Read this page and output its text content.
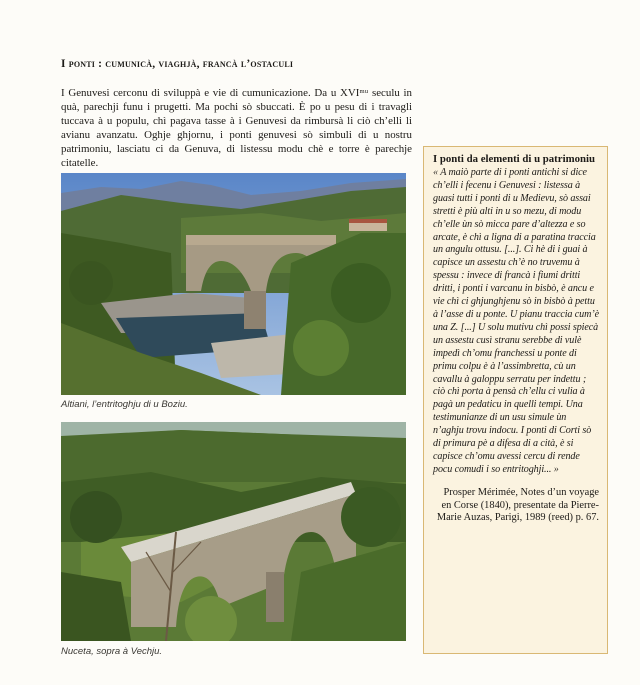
I ponti : cumunicà, viaghjà, francà l’ostaculi

I Genuvesi cerconu di sviluppà e vie di cumunicazione. Da u XVIᵐᵘ seculu in quà, parechji funu i prugetti. Ma pochi sò sbuccati. È po u pesu di i travagli tuccava à u populu, chì pagava tasse à i Genuvesi da rimbursà li ciò ch’elli li avianu avanzatu. Oghje ghjornu, i ponti genuvesi sò simbuli di u nostru patrimoniu, lasciatu ci da Genuva, di listessu modu chè e torre è parechje citatelle.

Altiani, l’entritoghju di u Boziu.
Nuceta, sopra à Vechju.
I ponti da elementi di u patrimoniu

« A maiò parte di i ponti antichi si dice ch’elli i fecenu i Genuvesi : listessa à guasi tutti i ponti di u Medievu, sò assai stretti è più alti in u so mezu, di modu ch’elle ùn sò micca pare d’altezza e so arcate, è chì a ligna di a paratina traccia un angulu ottusu. [...]. Ci hè di i guai à capisce un assestu ch’è no truvemu à spessu : invece di francà i fiumi dritti dritti, i ponti i varcanu in bisbò, è ancu e vie chì ci ghjunghjenu sò in bisbò à pettu à l’asse di u ponte. U pianu traccia cum’è una Z. [...] U solu mutivu chì possi spiecà un assestu cusì stranu serebbe di vulè impedì ch’omu franchessi u ponte di primu colpu è à l’assimbretta, cù un cavallu à galoppu serratu per indettu ; ciò chì porta à pensà ch’ellu ci vulia à pagà un pedaticu in quelli tempi. Una testimunianze di un usu simule ùn n’aghju trovu indocu. I ponti di Corti sò di primura pè a difesa di a cità, è si capisce ch’omu avessi cercu di rende pocu comudi i so entritoghji... »

Prosper Mérimée, Notes d’un voyage en Corse (1840), presentate da Pierre-Marie Auzas, Parigi, 1989 (reed) p. 67.
